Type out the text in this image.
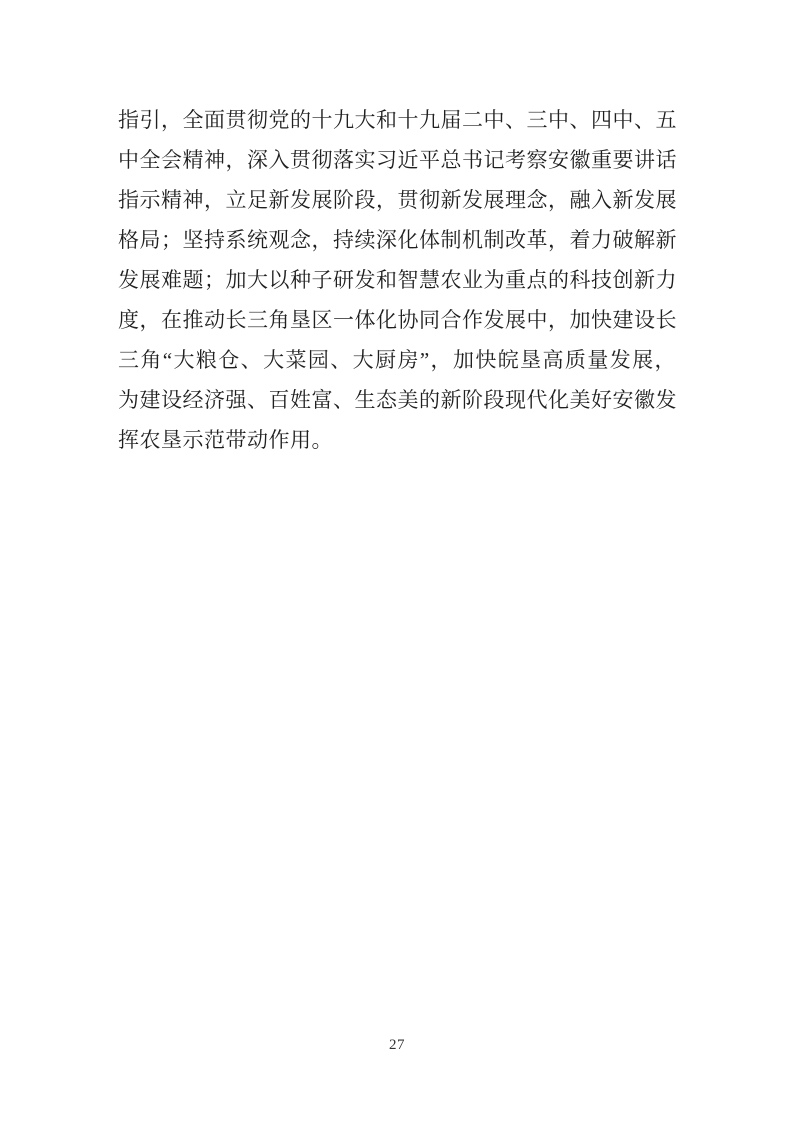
指引，全面贯彻党的十九大和十九届二中、三中、四中、五
中全会精神，深入贯彻落实习近平总书记考察安徽重要讲话
指示精神，立足新发展阶段，贯彻新发展理念，融入新发展
格局；坚持系统观念，持续深化体制机制改革，着力破解新
发展难题；加大以种子研发和智慧农业为重点的科技创新力
度，在推动长三角垦区一体化协同合作发展中，加快建设长
三角“大粮仓、大菜园、大厨房”，加快皖垦高质量发展，
为建设经济强、百姓富、生态美的新阶段现代化美好安徽发
挥农垦示范带动作用。
27
